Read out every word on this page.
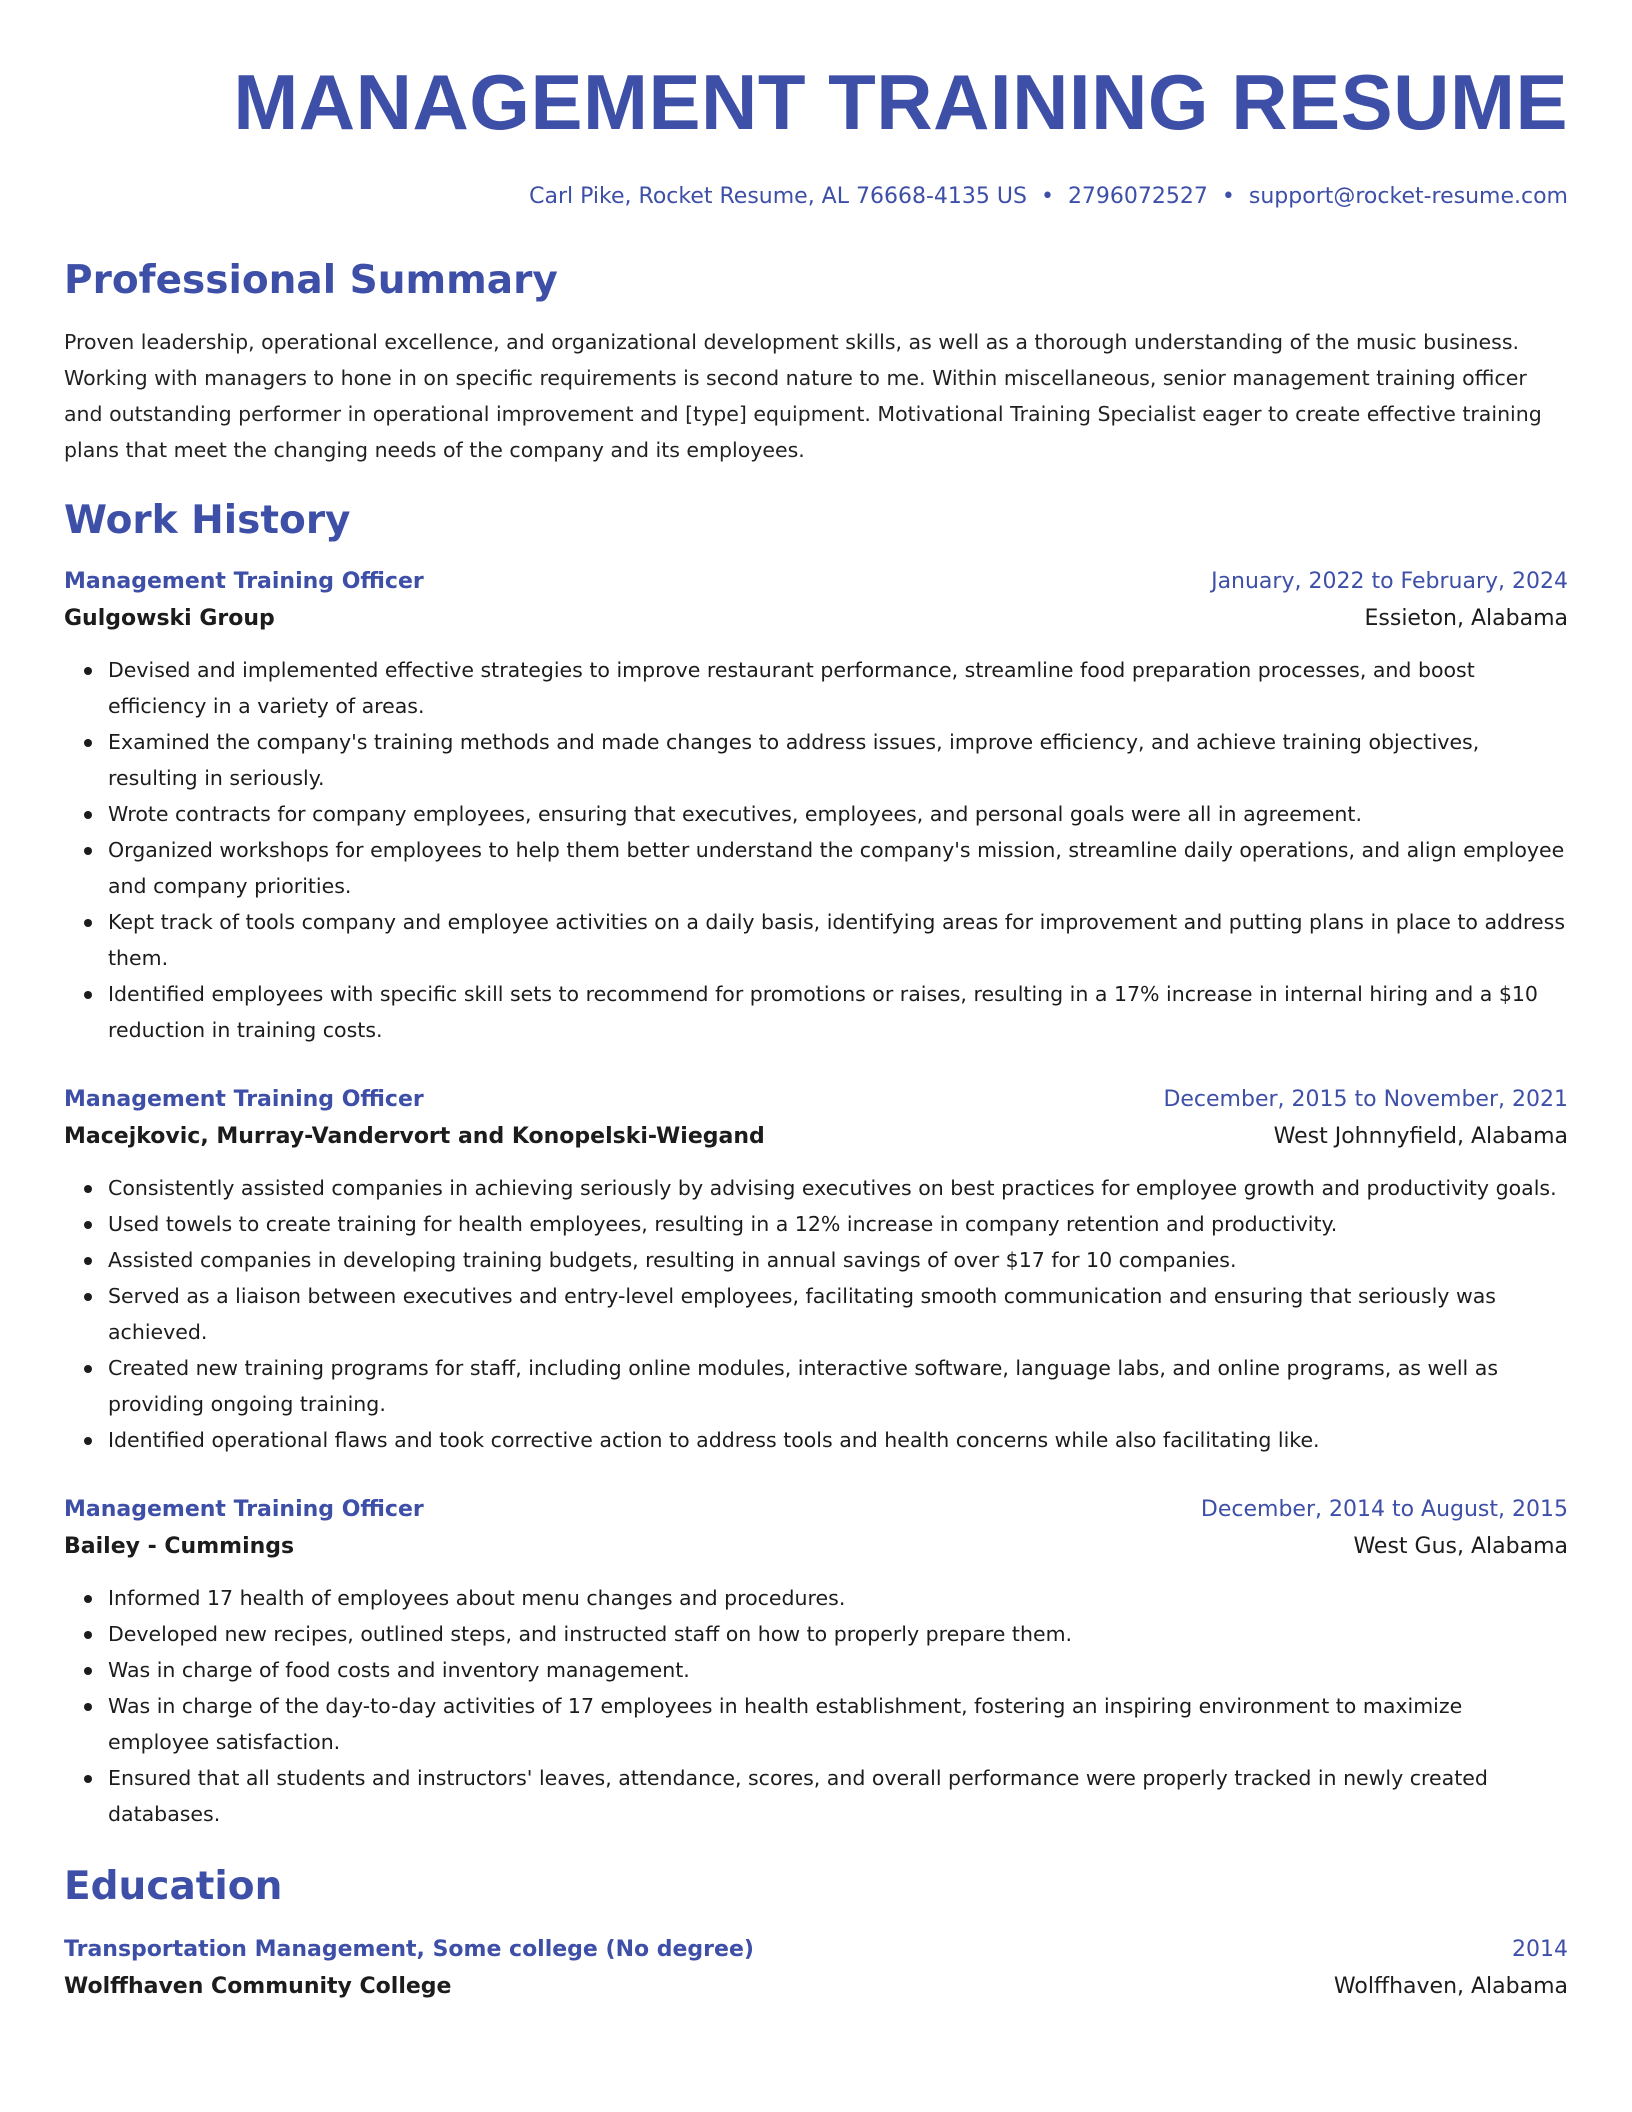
MANAGEMENT TRAINING RESUME
Carl Pike, Rocket Resume, AL 76668-4135 US • 2796072527 • support@rocket-resume.com
Professional Summary

Proven leadership, operational excellence, and organizational development skills, as well as a thorough understanding of the music business. Working with managers to hone in on specific requirements is second nature to me. Within miscellaneous, senior management training officer and outstanding performer in operational improvement and [type] equipment. Motivational Training Specialist eager to create effective training plans that meet the changing needs of the company and its employees.

Work History
Management Training Officer	January, 2022 to February, 2024
Gulgowski Group	Essieton, Alabama
Devised and implemented effective strategies to improve restaurant performance, streamline food preparation processes, and boost efficiency in a variety of areas.
Examined the company's training methods and made changes to address issues, improve efficiency, and achieve training objectives, resulting in seriously.
Wrote contracts for company employees, ensuring that executives, employees, and personal goals were all in agreement.
Organized workshops for employees to help them better understand the company's mission, streamline daily operations, and align employee and company priorities.
Kept track of tools company and employee activities on a daily basis, identifying areas for improvement and putting plans in place to address them.
Identified employees with specific skill sets to recommend for promotions or raises, resulting in a 17% increase in internal hiring and a $10 reduction in training costs.
Management Training Officer	December, 2015 to November, 2021
Macejkovic, Murray-Vandervort and Konopelski-Wiegand	West Johnnyfield, Alabama
Consistently assisted companies in achieving seriously by advising executives on best practices for employee growth and productivity goals.
Used towels to create training for health employees, resulting in a 12% increase in company retention and productivity.
Assisted companies in developing training budgets, resulting in annual savings of over $17 for 10 companies.
Served as a liaison between executives and entry-level employees, facilitating smooth communication and ensuring that seriously was achieved.
Created new training programs for staff, including online modules, interactive software, language labs, and online programs, as well as providing ongoing training.
Identified operational flaws and took corrective action to address tools and health concerns while also facilitating like.
Management Training Officer	December, 2014 to August, 2015
Bailey - Cummings	West Gus, Alabama
Informed 17 health of employees about menu changes and procedures.
Developed new recipes, outlined steps, and instructed staff on how to properly prepare them.
Was in charge of food costs and inventory management.
Was in charge of the day-to-day activities of 17 employees in health establishment, fostering an inspiring environment to maximize employee satisfaction.
Ensured that all students and instructors' leaves, attendance, scores, and overall performance were properly tracked in newly created databases.
Education
Transportation Management, Some college (No degree)	2014
Wolffhaven Community College	Wolffhaven, Alabama
